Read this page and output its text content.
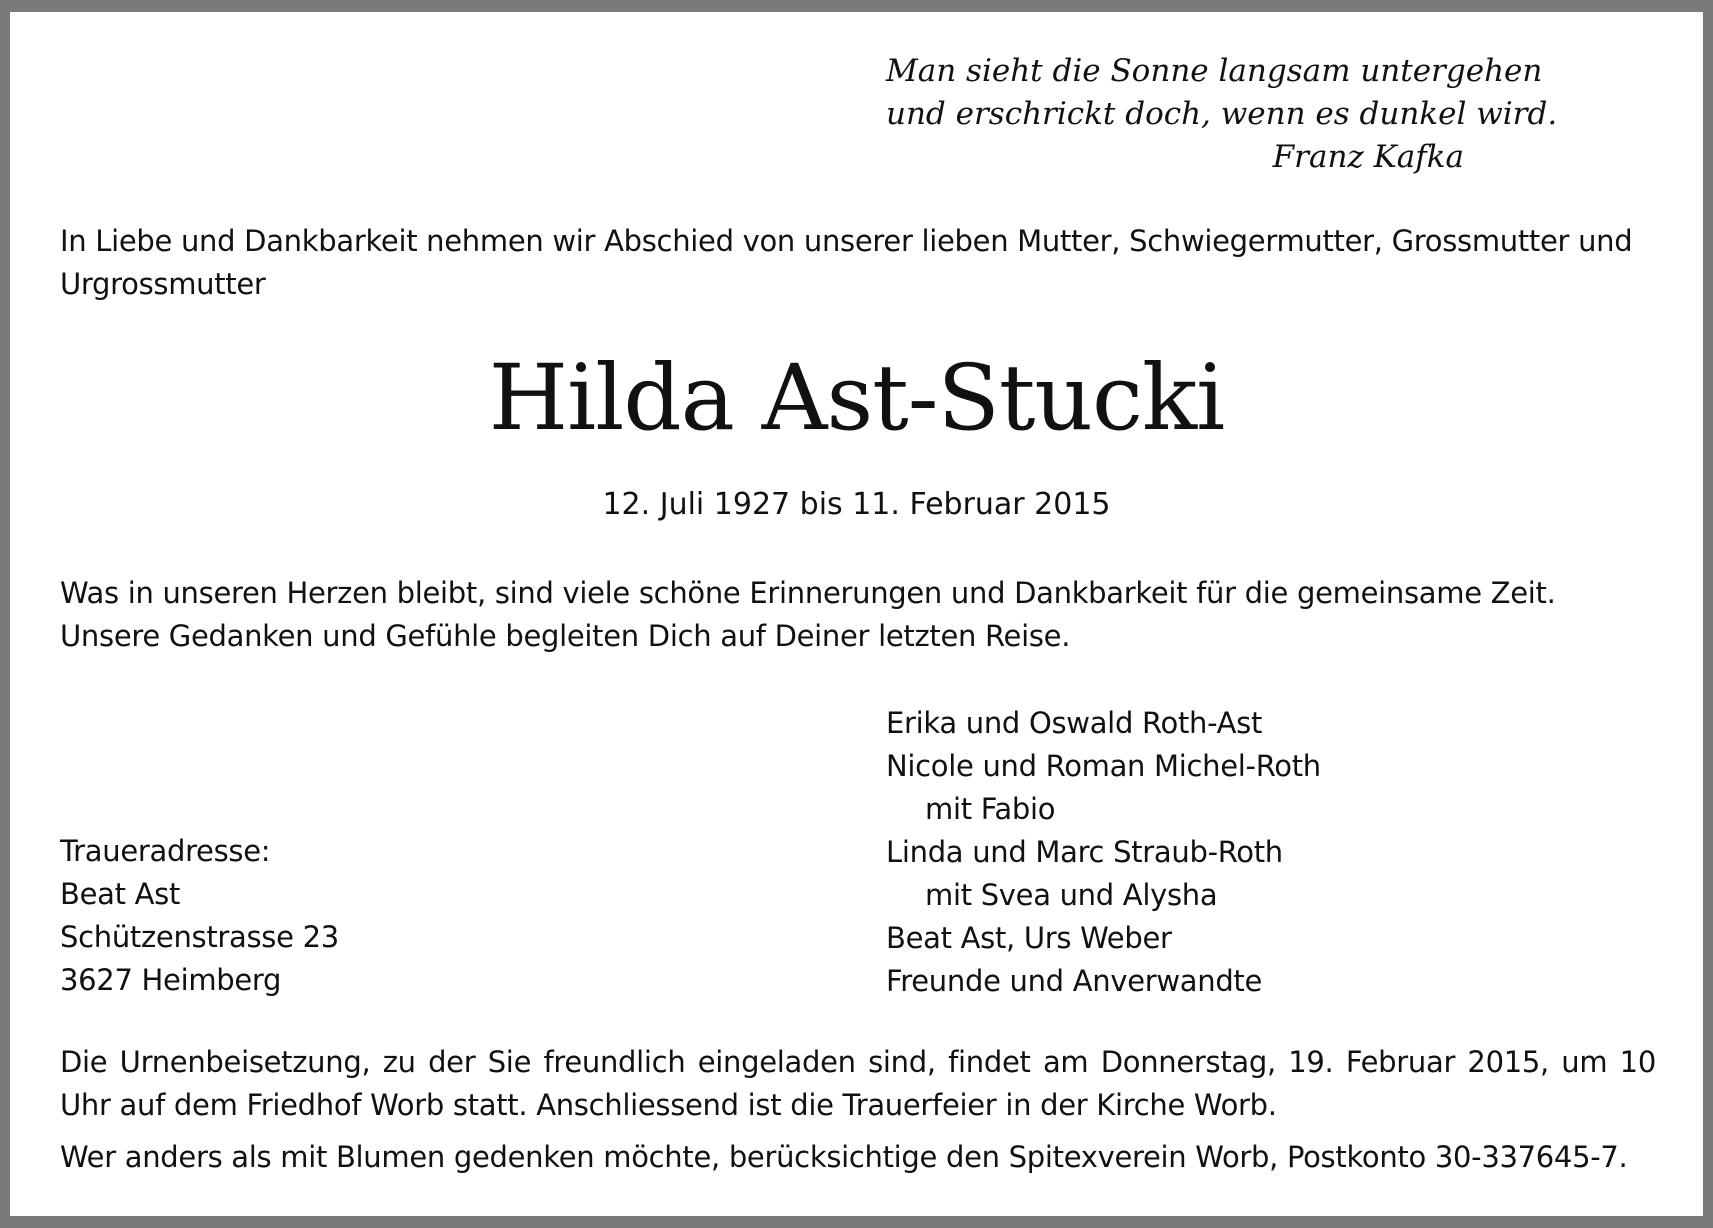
Man sieht die Sonne langsam untergehen
und erschrickt doch, wenn es dunkel wird.
Franz Kafka
In Liebe und Dankbarkeit nehmen wir Abschied von unserer lieben Mutter, Schwiegermutter, Grossmutter und Urgrossmutter
Hilda Ast-Stucki
12. Juli 1927 bis 11. Februar 2015
Was in unseren Herzen bleibt, sind viele schöne Erinnerungen und Dankbarkeit für die gemeinsame Zeit.
Unsere Gedanken und Gefühle begleiten Dich auf Deiner letzten Reise.
Traueradresse:
Beat Ast
Schützenstrasse 23
3627 Heimberg
Erika und Oswald Roth-Ast
Nicole und Roman Michel-Roth
mit Fabio
Linda und Marc Straub-Roth
mit Svea und Alysha
Beat Ast, Urs Weber
Freunde und Anverwandte
Die Urnenbeisetzung, zu der Sie freundlich eingeladen sind, findet am Donnerstag, 19. Februar 2015, um 10 Uhr auf dem Friedhof Worb statt. Anschliessend ist die Trauerfeier in der Kirche Worb.
Wer anders als mit Blumen gedenken möchte, berücksichtige den Spitexverein Worb, Postkonto 30-337645-7.
